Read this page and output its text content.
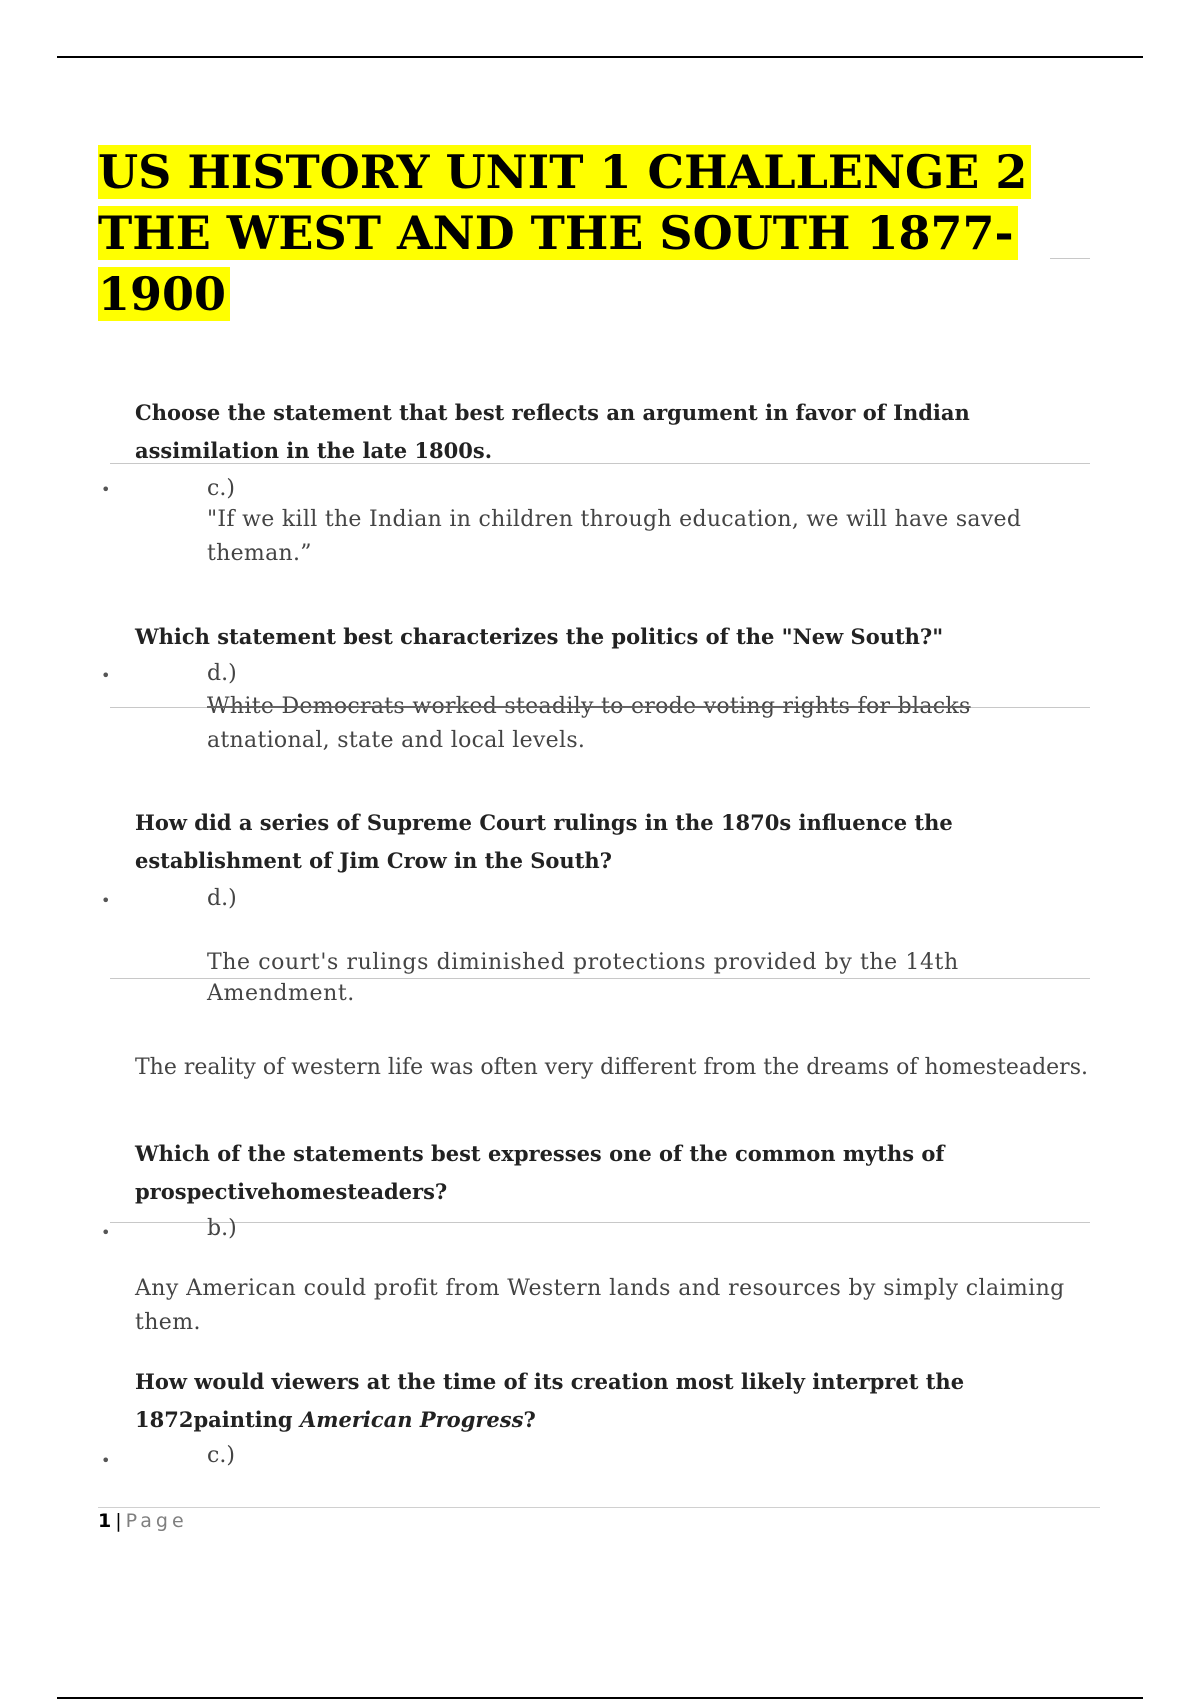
US HISTORY UNIT 1 CHALLENGE 2 THE WEST AND THE SOUTH 1877-1900

Choose the statement that best reflects an argument in favor of Indian assimilation in the late 1800s.

•	c.)
"If we kill the Indian in children through education, we will have saved theman.”

Which statement best characterizes the politics of the "New South?"

•	d.)
White Democrats worked steadily to erode voting rights for blacks
atnational, state and local levels.

How did a series of Supreme Court rulings in the 1870s influence the establishment of Jim Crow in the South?

•	d.)
The court's rulings diminished protections provided by the 14th Amendment.
The reality of western life was often very different from the dreams of homesteaders.

Which of the statements best expresses one of the common myths of prospectivehomesteaders?

•	b.)
Any American could profit from Western lands and resources by simply claiming them.

How would viewers at the time of its creation most likely interpret the 1872painting American Progress?

•	c.)
1 | Page
